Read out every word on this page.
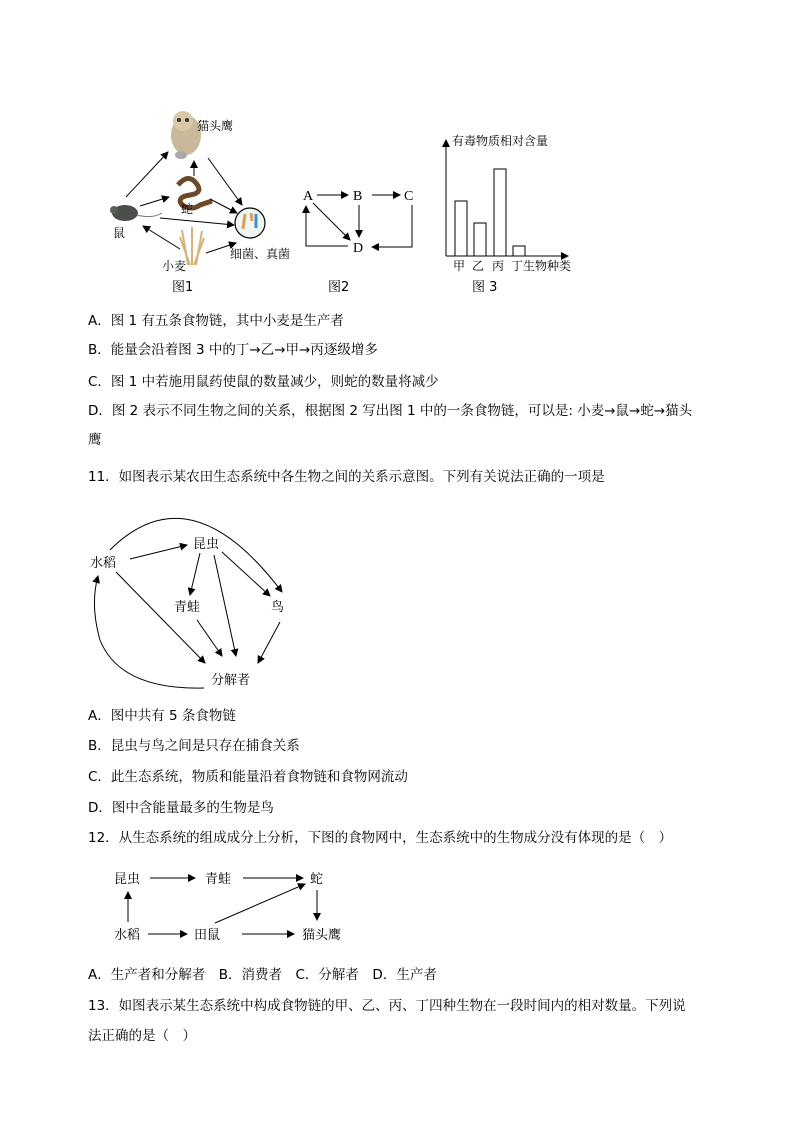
猫头鹰
蛇
鼠
小麦
细菌、真菌
图1
A	B	C
D
图2
有毒物质相对含量
甲 乙 丙 丁 生物种类
图 3
A．图 1 有五条食物链，其中小麦是生产者
B．能量会沿着图 3 中的丁→乙→甲→丙逐级增多
C．图 1 中若施用鼠药使鼠的数量减少，则蛇的数量将减少
D．图 2 表示不同生物之间的关系，根据图 2 写出图 1 中的一条食物链，可以是: 小麦→鼠→蛇→猫头
鹰
11．如图表示某农田生态系统中各生物之间的关系示意图。下列有关说法正确的一项是
水稻
昆虫
青蛙	鸟
分解者
A．图中共有 5 条食物链
B．昆虫与鸟之间是只存在捕食关系
C．此生态系统，物质和能量沿着食物链和食物网流动
D．图中含能量最多的生物是鸟
12．从生态系统的组成成分上分析，下图的食物网中，生态系统中的生物成分没有体现的是（　）
昆虫	青蛙	蛇
水稻	田鼠	猫头鹰
A．生产者和分解者　B．消费者　C．分解者　D．生产者
13．如图表示某生态系统中构成食物链的甲、乙、丙、丁四种生物在一段时间内的相对数量。下列说
法正确的是（　）
